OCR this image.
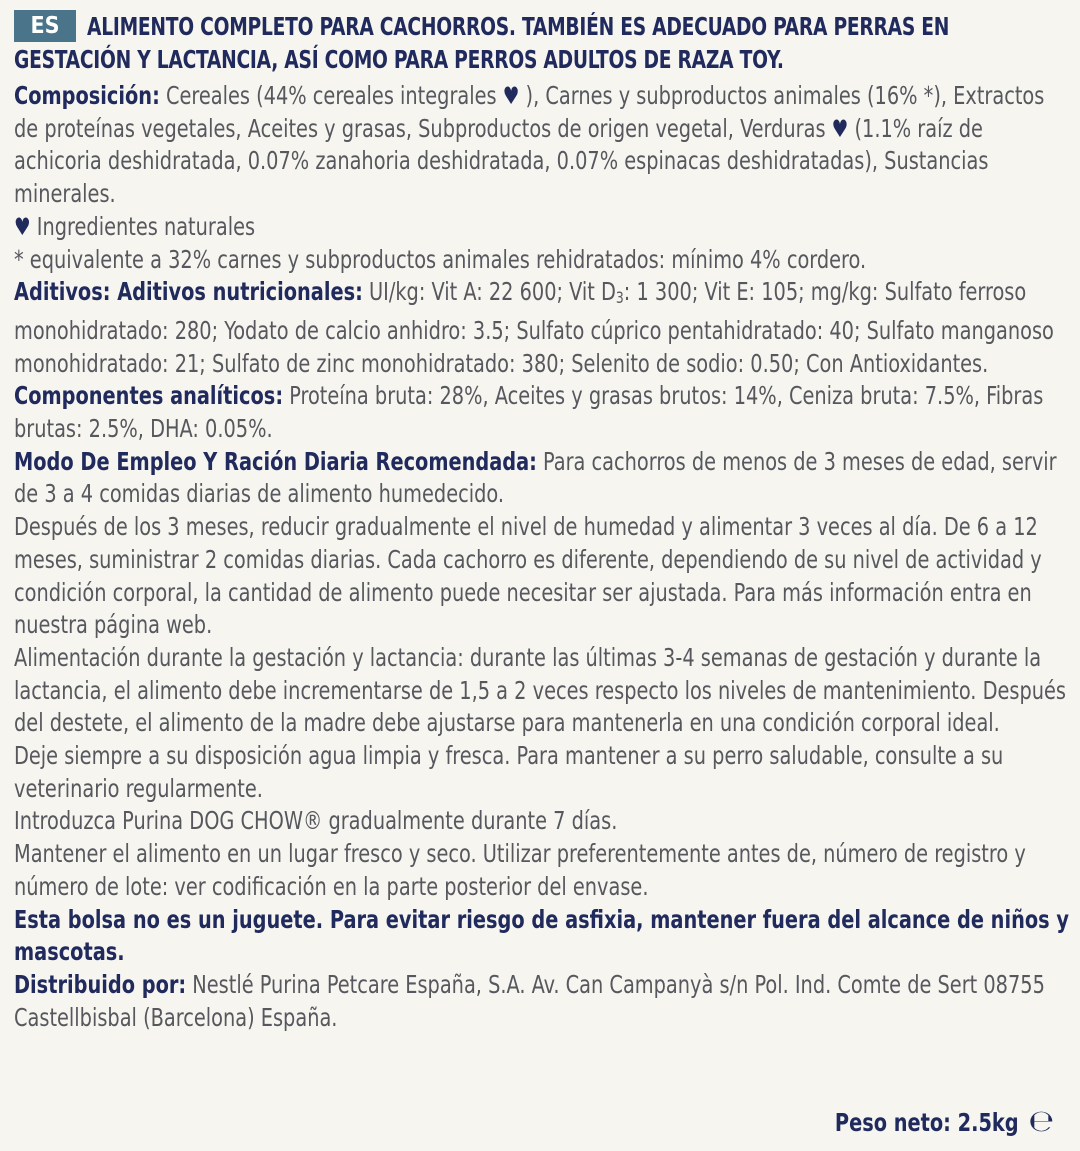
ES	ALIMENTO COMPLETO PARA CACHORROS. TAMBIÉN ES ADECUADO PARA PERRAS EN GESTACIÓN Y LACTANCIA, ASÍ COMO PARA PERROS ADULTOS DE RAZA TOY.

Composición: Cereales (44% cereales integrales ♥ ), Carnes y subproductos animales (16% *), Extractos de proteínas vegetales, Aceites y grasas, Subproductos de origen vegetal, Verduras ♥ (1.1% raíz de achicoria deshidratada, 0.07% zanahoria deshidratada, 0.07% espinacas deshidratadas), Sustancias minerales.

♥ Ingredientes naturales

* equivalente a 32% carnes y subproductos animales rehidratados: mínimo 4% cordero.

Aditivos: Aditivos nutricionales: UI/kg: Vit A: 22 600; Vit D3: 1 300; Vit E: 105; mg/kg: Sulfato ferroso monohidratado: 280; Yodato de calcio anhidro: 3.5; Sulfato cúprico pentahidratado: 40; Sulfato manganoso monohidratado: 21; Sulfato de zinc monohidratado: 380; Selenito de sodio: 0.50; Con Antioxidantes.

Componentes analíticos: Proteína bruta: 28%, Aceites y grasas brutos: 14%, Ceniza bruta: 7.5%, Fibras brutas: 2.5%, DHA: 0.05%.

Modo De Empleo Y Ración Diaria Recomendada: Para cachorros de menos de 3 meses de edad, servir de 3 a 4 comidas diarias de alimento humedecido.

Después de los 3 meses, reducir gradualmente el nivel de humedad y alimentar 3 veces al día. De 6 a 12 meses, suministrar 2 comidas diarias. Cada cachorro es diferente, dependiendo de su nivel de actividad y condición corporal, la cantidad de alimento puede necesitar ser ajustada. Para más información entra en nuestra página web.

Alimentación durante la gestación y lactancia: durante las últimas 3-4 semanas de gestación y durante la lactancia, el alimento debe incrementarse de 1,5 a 2 veces respecto los niveles de mantenimiento. Después del destete, el alimento de la madre debe ajustarse para mantenerla en una condición corporal ideal.

Deje siempre a su disposición agua limpia y fresca. Para mantener a su perro saludable, consulte a su veterinario regularmente.

Introduzca Purina DOG CHOW® gradualmente durante 7 días.

Mantener el alimento en un lugar fresco y seco. Utilizar preferentemente antes de, número de registro y número de lote: ver codificación en la parte posterior del envase.

Esta bolsa no es un juguete. Para evitar riesgo de asfixia, mantener fuera del alcance de niños y mascotas.

Distribuido por: Nestlé Purina Petcare España, S.A. Av. Can Campanyà s/n Pol. Ind. Comte de Sert 08755 Castellbisbal (Barcelona) España.

Peso neto: 2.5kg ℮
